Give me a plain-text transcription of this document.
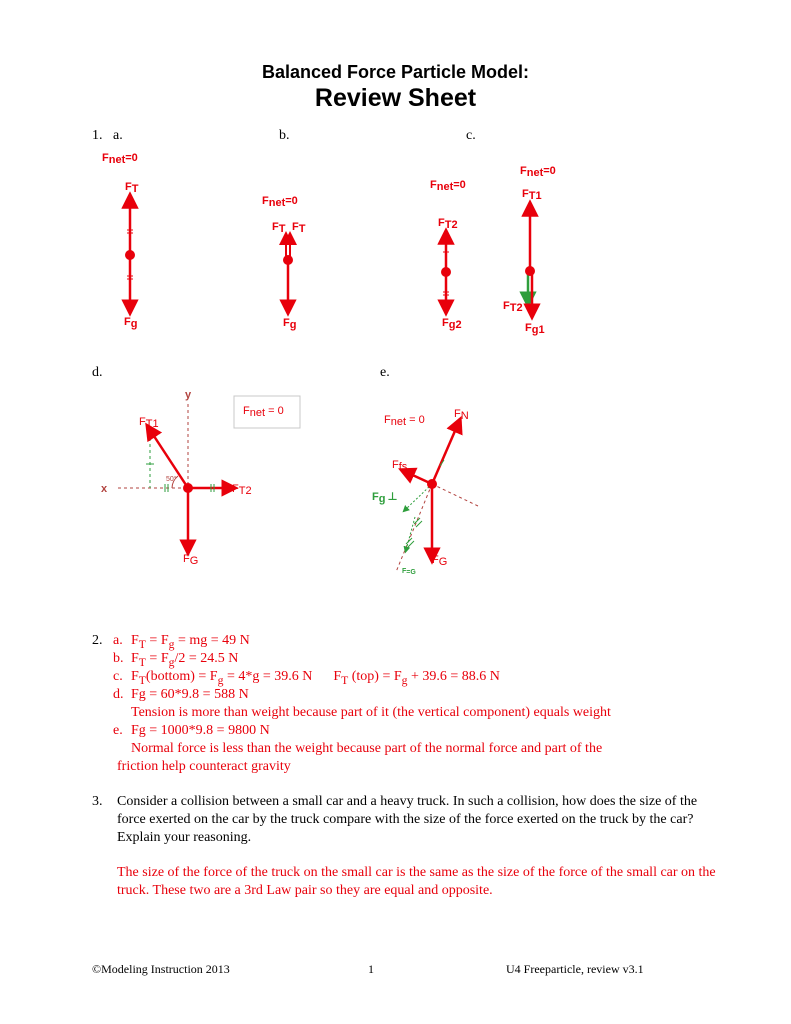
Balanced Force Particle Model:
Review Sheet
1. a.	b.	c.
d.	e.
Fnet=0
FT
Fg
Fnet=0
FT FT
Fg
Fnet=0
FT2
Fg2
Fnet=0
FT1
FT2
Fg1
Fnet = 0
y
x
50°
FT1
FT2
FG
Fnet = 0	FN
Ffs
Fg ⊥
F=G
FG
2. a. $F_T = F_g$ = mg = 49 N
b. $F_T = F_g/2 = 24.5$ N
c. $F_T(bottom) = F_g = 4*g = 39.6$ N      $F_T$ $(top) = F_g + 39.6 = 88.6$ N
d. Fg = 60*9.8 = 588 N
Tension is more than weight because part of it (the vertical component) equals weight
e. Fg = 1000*9.8 = 9800 N
Normal force is less than the weight because part of the normal force and part of the
friction help counteract gravity
3. Consider a collision between a small car and a heavy truck. In such a collision, how does the size of the force exerted on the car by the truck compare with the size of the force exerted on the truck by the car? Explain your reasoning.
The size of the force of the truck on the small car is the same as the size of the force of the small car on the truck. These two are a 3rd Law pair so they are equal and opposite.
©Modeling Instruction 2013	1	U4 Freeparticle, review v3.1
